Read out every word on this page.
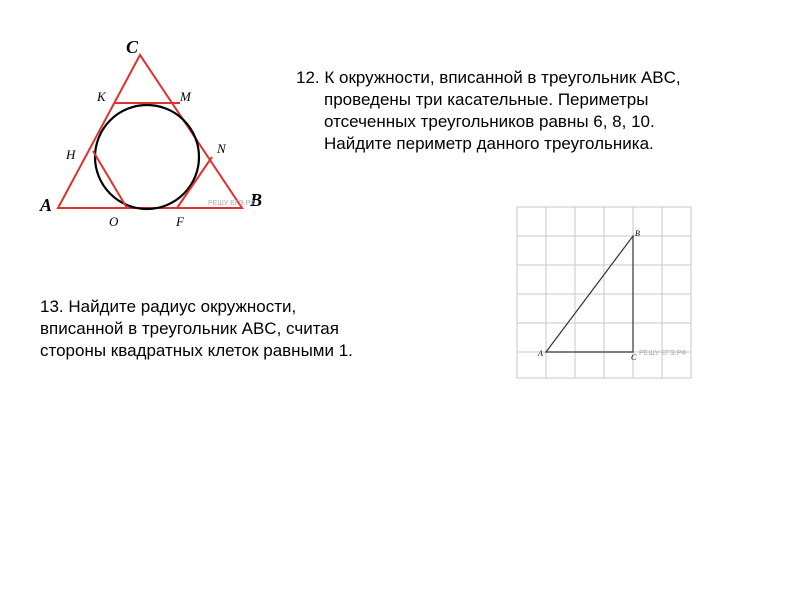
C
A	B
K	M
H	N
O	F
РЕШУ ЕГЭ.РФ

12. К окружности, вписанной в треугольник ABC,
проведены три касательные. Периметры
отсеченных треугольников равны 6, 8, 10.
Найдите периметр данного треугольника.

A
B
C РЕШУ ЕГЭ.РФ

13. Найдите радиус окружности,
вписанной в треугольник ABC, считая
стороны квадратных клеток равными 1.
